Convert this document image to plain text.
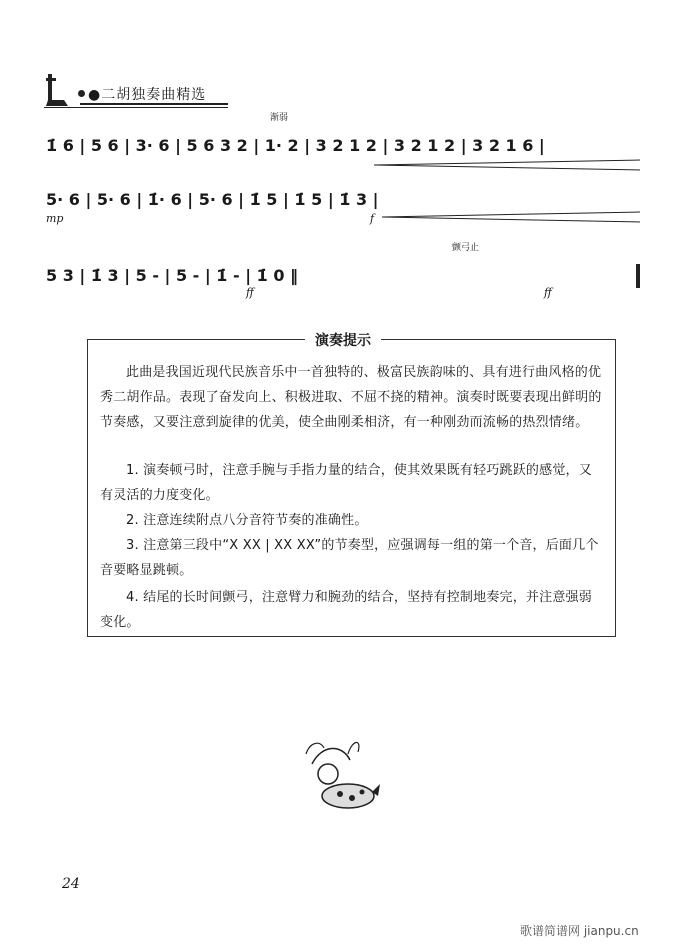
●二胡独奏曲精选
渐弱
1̇ 6 | 5 6 | 3· 6 | 5 6 3 2 | 1· 2 | 3 2 1 2 | 3 2 1 2 | 3 2 1 6 |
5· 6 | 5· 6 | 1̇· 6 | 5· 6 | 1̇ 5 | 1̇ 5 | 1̇ 3 |
mp	f
颤弓止
5 3 | 1̇ 3 | 5 - | 5 - | 1̇ - | 1̇ 0 ‖
ff	ff
演奏提示
此曲是我国近现代民族音乐中一首独特的、极富民族韵味的、具有进行曲风格的优秀二胡作品。表现了奋发向上、积极进取、不屈不挠的精神。演奏时既要表现出鲜明的节奏感，又要注意到旋律的优美，使全曲刚柔相济，有一种刚劲而流畅的热烈情绪。
1. 演奏顿弓时，注意手腕与手指力量的结合，使其效果既有轻巧跳跃的感觉，又有灵活的力度变化。
2. 注意连续附点八分音符节奏的准确性。
3. 注意第三段中“X XX | XX XX”的节奏型，应强调每一组的第一个音，后面几个音要略显跳顿。
4. 结尾的长时间颤弓，注意臂力和腕劲的结合，坚持有控制地奏完，并注意强弱变化。
24
歌谱简谱网 jianpu.cn
